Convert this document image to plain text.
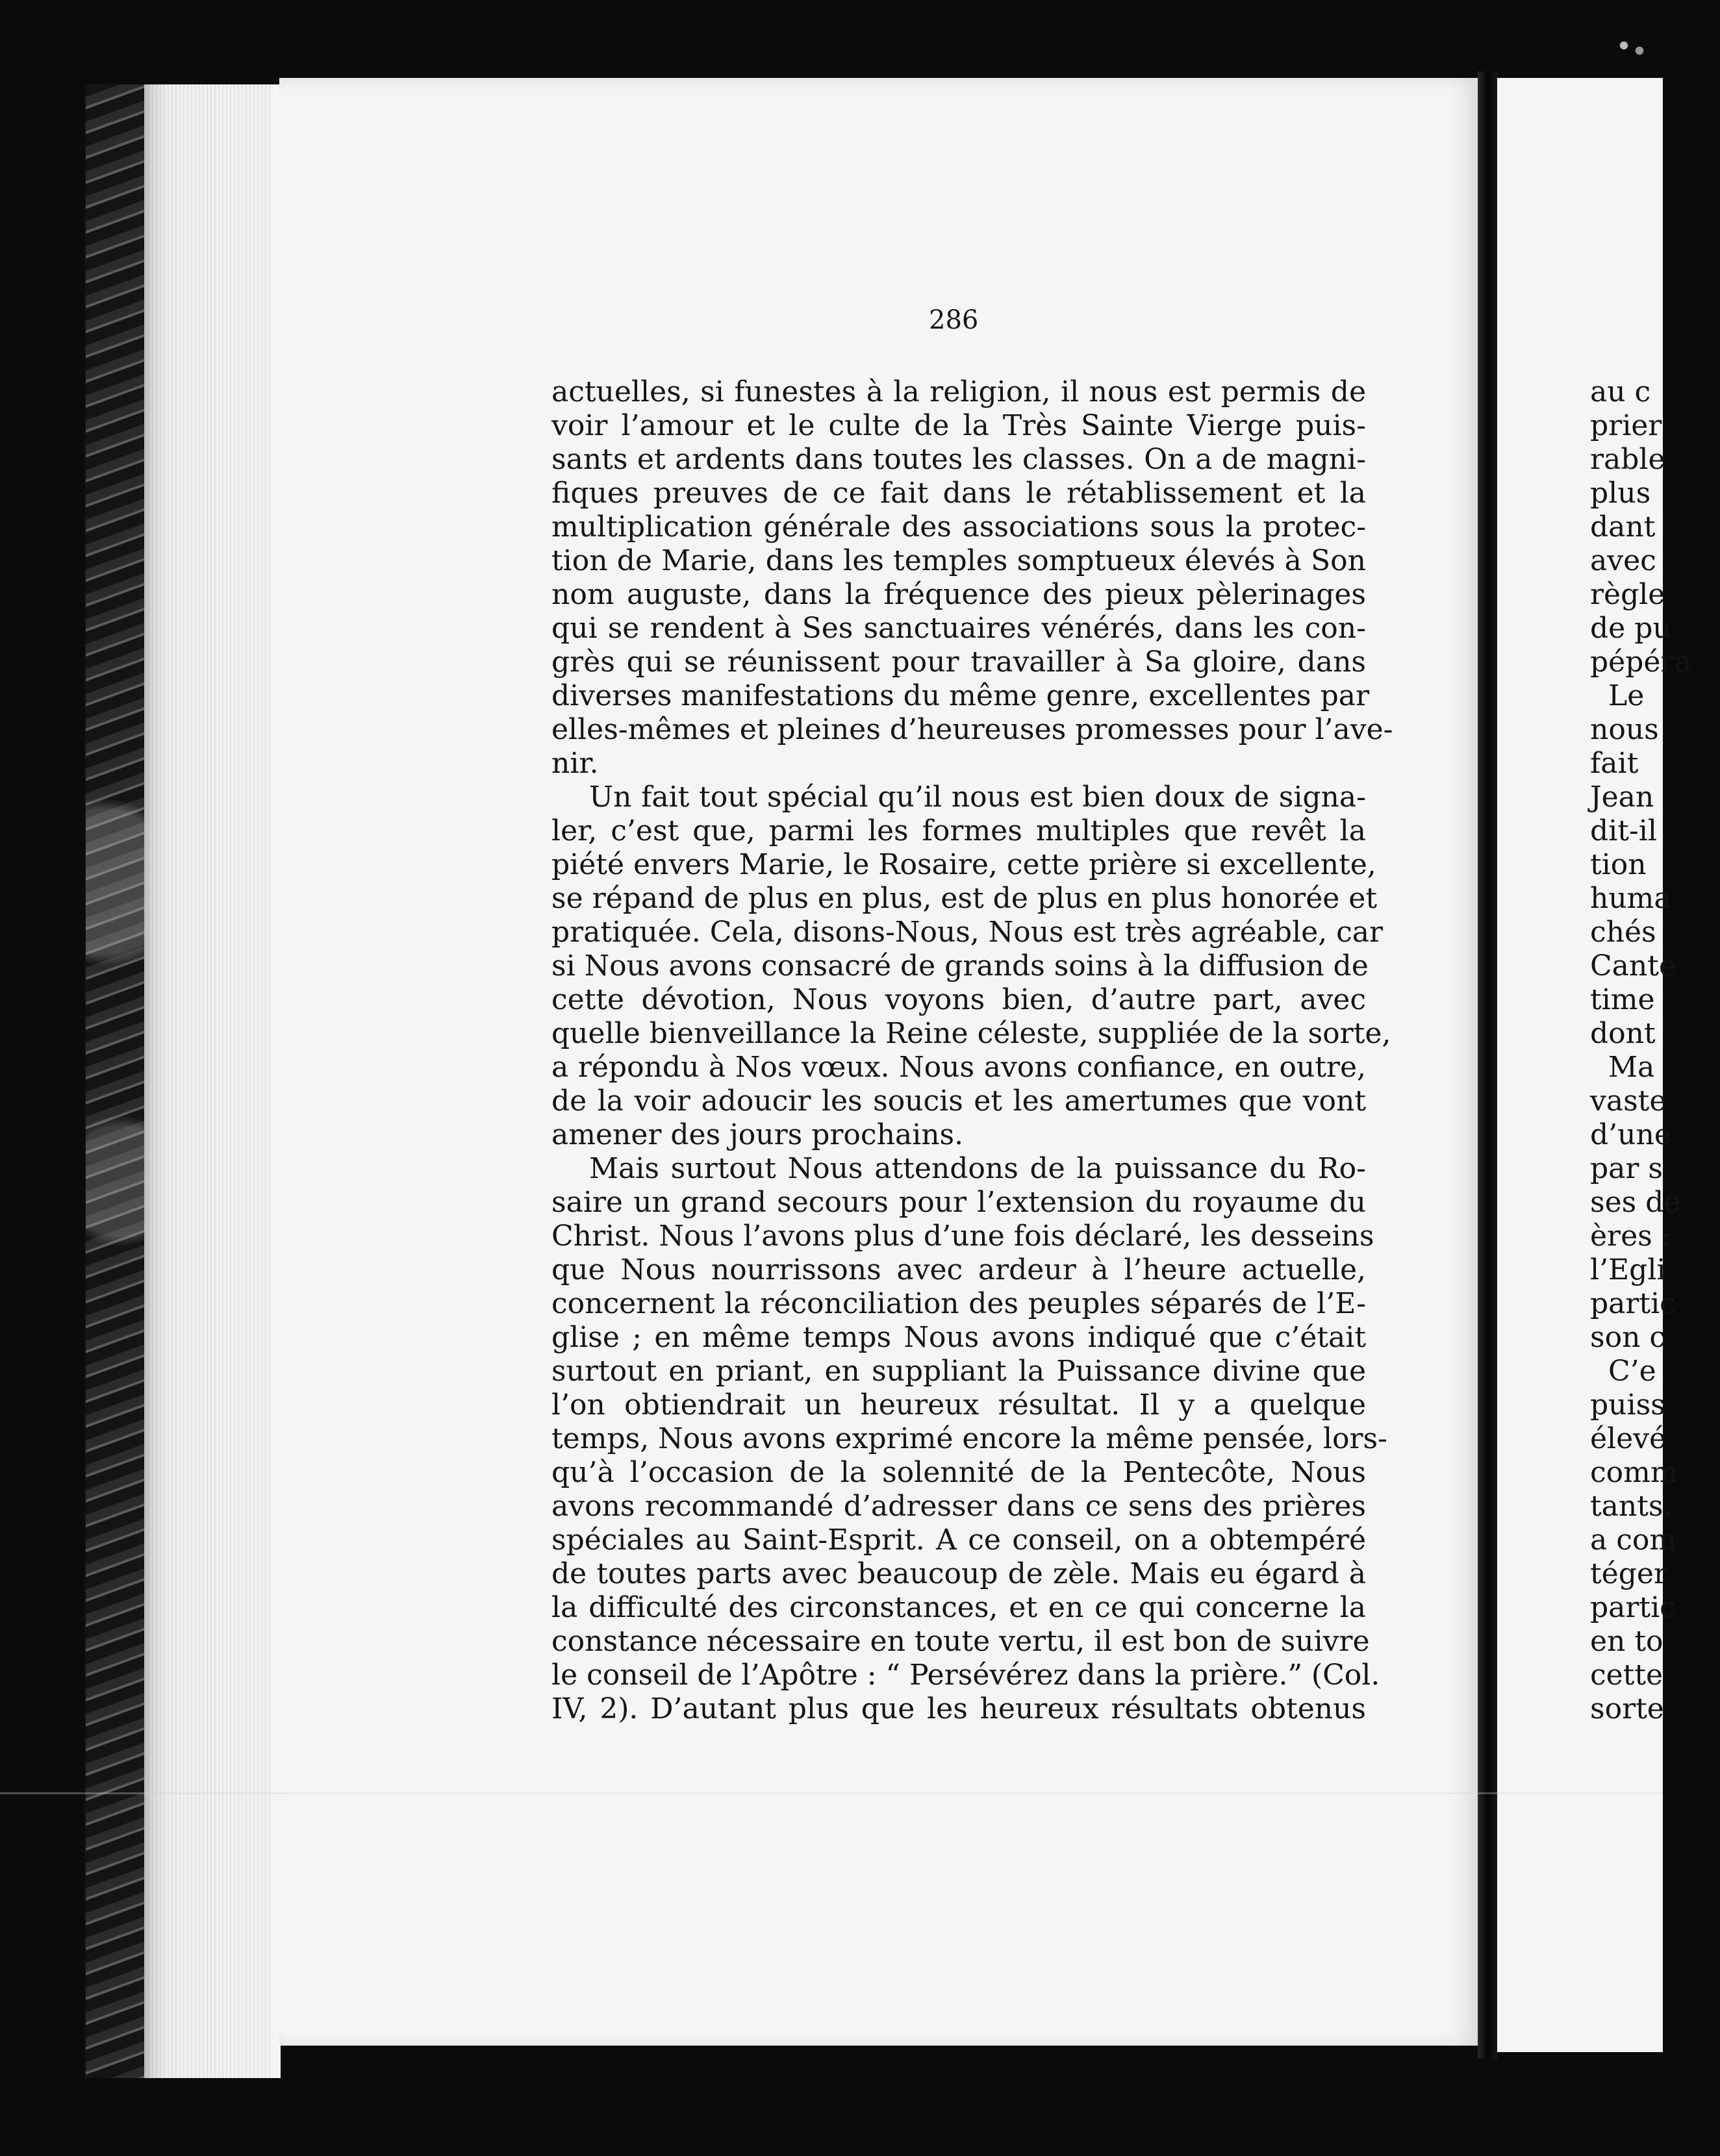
286
actuelles, si funestes à la religion, il nous est permis de
voir l’amour et le culte de la Très Sainte Vierge puis-
sants et ardents dans toutes les classes. On a de magni-
fiques preuves de ce fait dans le rétablissement et la
multiplication générale des associations sous la protec-
tion de Marie, dans les temples somptueux élevés à Son
nom auguste, dans la fréquence des pieux pèlerinages
qui se rendent à Ses sanctuaires vénérés, dans les con-
grès qui se réunissent pour travailler à Sa gloire, dans
diverses manifestations du même genre, excellentes par
elles-mêmes et pleines d’heureuses promesses pour l’ave-
nir.
Un fait tout spécial qu’il nous est bien doux de signa-
ler, c’est que, parmi les formes multiples que revêt la
piété envers Marie, le Rosaire, cette prière si excellente,
se répand de plus en plus, est de plus en plus honorée et
pratiquée. Cela, disons-Nous, Nous est très agréable, car
si Nous avons consacré de grands soins à la diffusion de
cette dévotion, Nous voyons bien, d’autre part, avec
quelle bienveillance la Reine céleste, suppliée de la sorte,
a répondu à Nos vœux. Nous avons confiance, en outre,
de la voir adoucir les soucis et les amertumes que vont
amener des jours prochains.
Mais surtout Nous attendons de la puissance du Ro-
saire un grand secours pour l’extension du royaume du
Christ. Nous l’avons plus d’une fois déclaré, les desseins
que Nous nourrissons avec ardeur à l’heure actuelle,
concernent la réconciliation des peuples séparés de l’E-
glise ; en même temps Nous avons indiqué que c’était
surtout en priant, en suppliant la Puissance divine que
l’on obtiendrait un heureux résultat. Il y a quelque
temps, Nous avons exprimé encore la même pensée, lors-
qu’à l’occasion de la solennité de la Pentecôte, Nous
avons recommandé d’adresser dans ce sens des prières
spéciales au Saint-Esprit. A ce conseil, on a obtempéré
de toutes parts avec beaucoup de zèle. Mais eu égard à
la difficulté des circonstances, et en ce qui concerne la
constance nécessaire en toute vertu, il est bon de suivre
le conseil de l’Apôtre : “ Persévérez dans la prière.” (Col.
IV, 2). D’autant plus que les heureux résultats obtenus
au c
prier
rable
plus
dant
avec
règle
de pu
pépéra
Le
nous
fait
Jean
dit-il
tion
huma
chés
Cante
time
dont
Ma
vaste
d’une
par s
ses de
ères :
l’Egli
partic
son c
C’e
puiss
élevé
comm
tants.
a com
téger
partic
en to
cette
sorte
